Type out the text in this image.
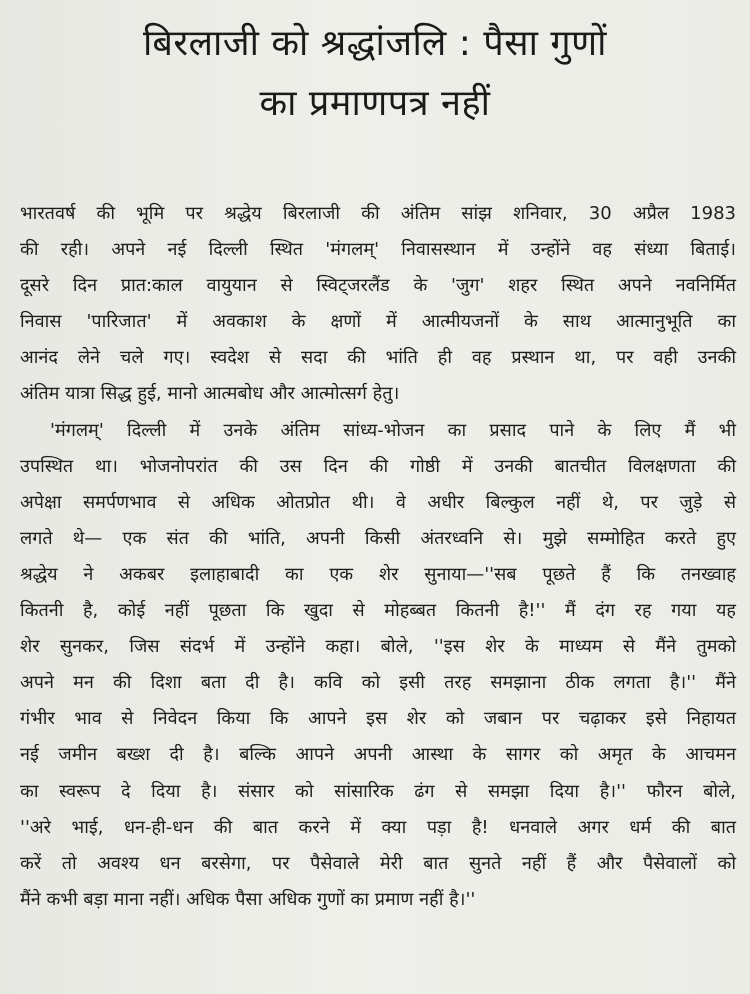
बिरलाजी को श्रद्धांजलि : पैसा गुणों
का प्रमाणपत्र नहीं
भारतवर्ष की भूमि पर श्रद्धेय बिरलाजी की अंतिम सांझ शनिवार, 30 अप्रैल 1983
की रही। अपने नई दिल्ली स्थित 'मंगलम्' निवासस्थान में उन्होंने वह संध्या बिताई।
दूसरे दिन प्रात:काल वायुयान से स्विट्जरलैंड के 'जुग' शहर स्थित अपने नवनिर्मित
निवास 'पारिजात' में अवकाश के क्षणों में आत्मीयजनों के साथ आत्मानुभूति का
आनंद लेने चले गए। स्वदेश से सदा की भांति ही वह प्रस्थान था, पर वही उनकी
अंतिम यात्रा सिद्ध हुई, मानो आत्मबोध और आत्मोत्सर्ग हेतु।
'मंगलम्' दिल्ली में उनके अंतिम सांध्य-भोजन का प्रसाद पाने के लिए मैं भी
उपस्थित था। भोजनोपरांत की उस दिन की गोष्ठी में उनकी बातचीत विलक्षणता की
अपेक्षा समर्पणभाव से अधिक ओतप्रोत थी। वे अधीर बिल्कुल नहीं थे, पर जुड़े से
लगते थे— एक संत की भांति, अपनी किसी अंतरध्वनि से। मुझे सम्मोहित करते हुए
श्रद्धेय ने अकबर इलाहाबादी का एक शेर सुनाया—''सब पूछते हैं कि तनख्वाह
कितनी है, कोई नहीं पूछता कि खुदा से मोहब्बत कितनी है!'' मैं दंग रह गया यह
शेर सुनकर, जिस संदर्भ में उन्होंने कहा। बोले, ''इस शेर के माध्यम से मैंने तुमको
अपने मन की दिशा बता दी है। कवि को इसी तरह समझाना ठीक लगता है।'' मैंने
गंभीर भाव से निवेदन किया कि आपने इस शेर को जबान पर चढ़ाकर इसे निहायत
नई जमीन बख्श दी है। बल्कि आपने अपनी आस्था के सागर को अमृत के आचमन
का स्वरूप दे दिया है। संसार को सांसारिक ढंग से समझा दिया है।'' फौरन बोले,
''अरे भाई, धन-ही-धन की बात करने में क्या पड़ा है! धनवाले अगर धर्म की बात
करें तो अवश्य धन बरसेगा, पर पैसेवाले मेरी बात सुनते नहीं हैं और पैसेवालों को
मैंने कभी बड़ा माना नहीं। अधिक पैसा अधिक गुणों का प्रमाण नहीं है।''
